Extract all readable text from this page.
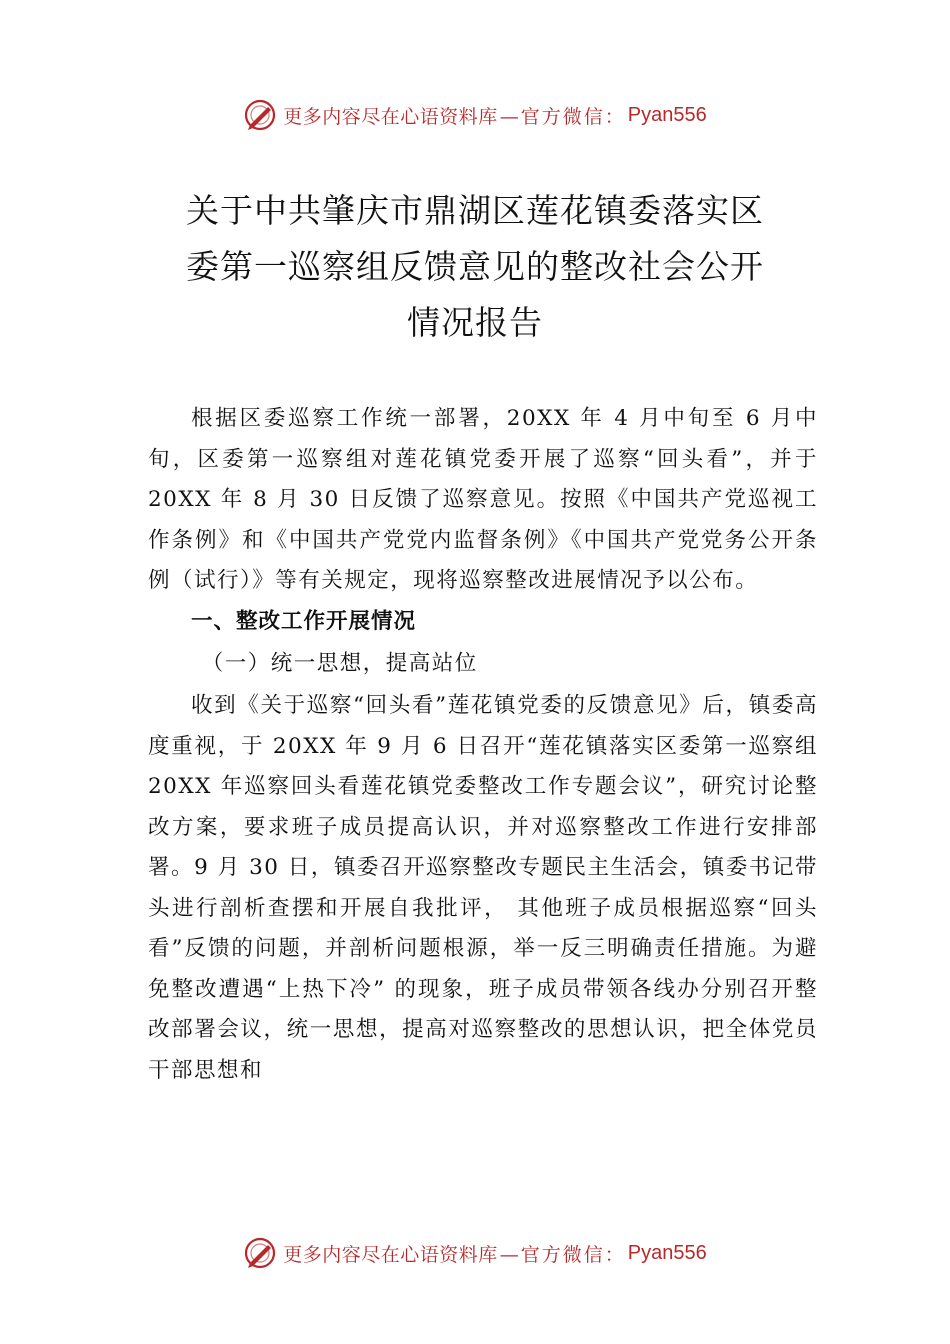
更多内容尽在心语资料库 —官方微信： Pyan556
关于中共肇庆市鼎湖区莲花镇委落实区
委第一巡察组反馈意见的整改社会公开
情况报告

根据区委巡察工作统一部署，20XX 年 4 月中旬至 6 月中旬，区委第一巡察组对莲花镇党委开展了巡察“回头看”，并于 20XX 年 8 月 30 日反馈了巡察意见。按照《中国共产党巡视工作条例》和《中国共产党党内监督条例》《中国共产党党务公开条例（试行）》等有关规定，现将巡察整改进展情况予以公布。

一、整改工作开展情况
（一）统一思想，提高站位

收到《关于巡察“回头看”莲花镇党委的反馈意见》后，镇委高度重视，于 20XX 年 9 月 6 日召开“莲花镇落实区委第一巡察组 20XX 年巡察回头看莲花镇党委整改工作专题会议”，研究讨论整改方案，要求班子成员提高认识，并对巡察整改工作进行安排部署。9 月 30 日，镇委召开巡察整改专题民主生活会，镇委书记带头进行剖析查摆和开展自我批评， 其他班子成员根据巡察“回头看”反馈的问题，并剖析问题根源，举一反三明确责任措施。为避免整改遭遇“上热下冷” 的现象，班子成员带领各线办分别召开整改部署会议，统一思想，提高对巡察整改的思想认识，把全体党员干部思想和

更多内容尽在心语资料库 —官方微信： Pyan556
